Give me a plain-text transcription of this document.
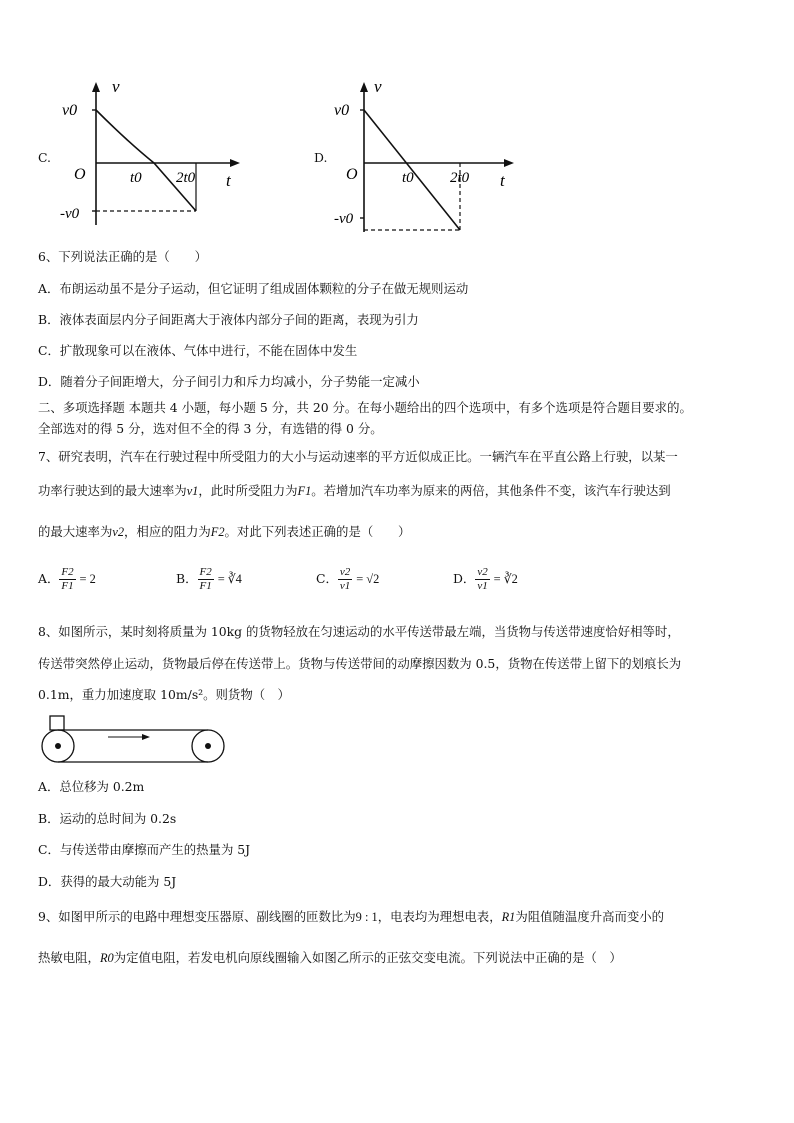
C.
v
v0
O	t0 2t0 t
-v0
D.
v
v0
O	t0 2t0 t
-v0
6、下列说法正确的是（　　）
A．布朗运动虽不是分子运动，但它证明了组成固体颗粒的分子在做无规则运动
B．液体表面层内分子间距离大于液体内部分子间的距离，表现为引力
C．扩散现象可以在液体、气体中进行，不能在固体中发生
D．随着分子间距增大，分子间引力和斥力均减小，分子势能一定减小
二、多项选择题 本题共 4 小题，每小题 5 分，共 20 分。在每小题给出的四个选项中，有多个选项是符合题目要求的。
全部选对的得 5 分，选对但不全的得 3 分，有选错的得 0 分。
7、研究表明，汽车在行驶过程中所受阻力的大小与运动速率的平方近似成正比。一辆汽车在平直公路上行驶，以某一
功率行驶达到的最大速率为v1，此时所受阻力为F1。若增加汽车功率为原来的两倍，其他条件不变，该汽车行驶达到
的最大速率为v2，相应的阻力为F2。对此下列表述正确的是（　　）
A． $\frac{F2}{F1} = 2$	B． $\frac{F2}{F1}$ = ∛4	C． $\frac{v2}{v1} = √2$	D． $\frac{v2}{v1}$ = ∛2
8、如图所示，某时刻将质量为 10kg 的货物轻放在匀速运动的水平传送带最左端，当货物与传送带速度恰好相等时，
传送带突然停止运动，货物最后停在传送带上。货物与传送带间的动摩擦因数为 0.5，货物在传送带上留下的划痕长为
0.1m，重力加速度取 10m/s²。则货物（　）
A．总位移为 0.2m
B．运动的总时间为 0.2s
C．与传送带由摩擦而产生的热量为 5J
D．获得的最大动能为 5J
9、如图甲所示的电路中理想变压器原、副线圈的匝数比为9 : 1，电表均为理想电表，R1为阻值随温度升高而变小的
热敏电阻，R0为定值电阻，若发电机向原线圈输入如图乙所示的正弦交变电流。下列说法中正确的是（　）
